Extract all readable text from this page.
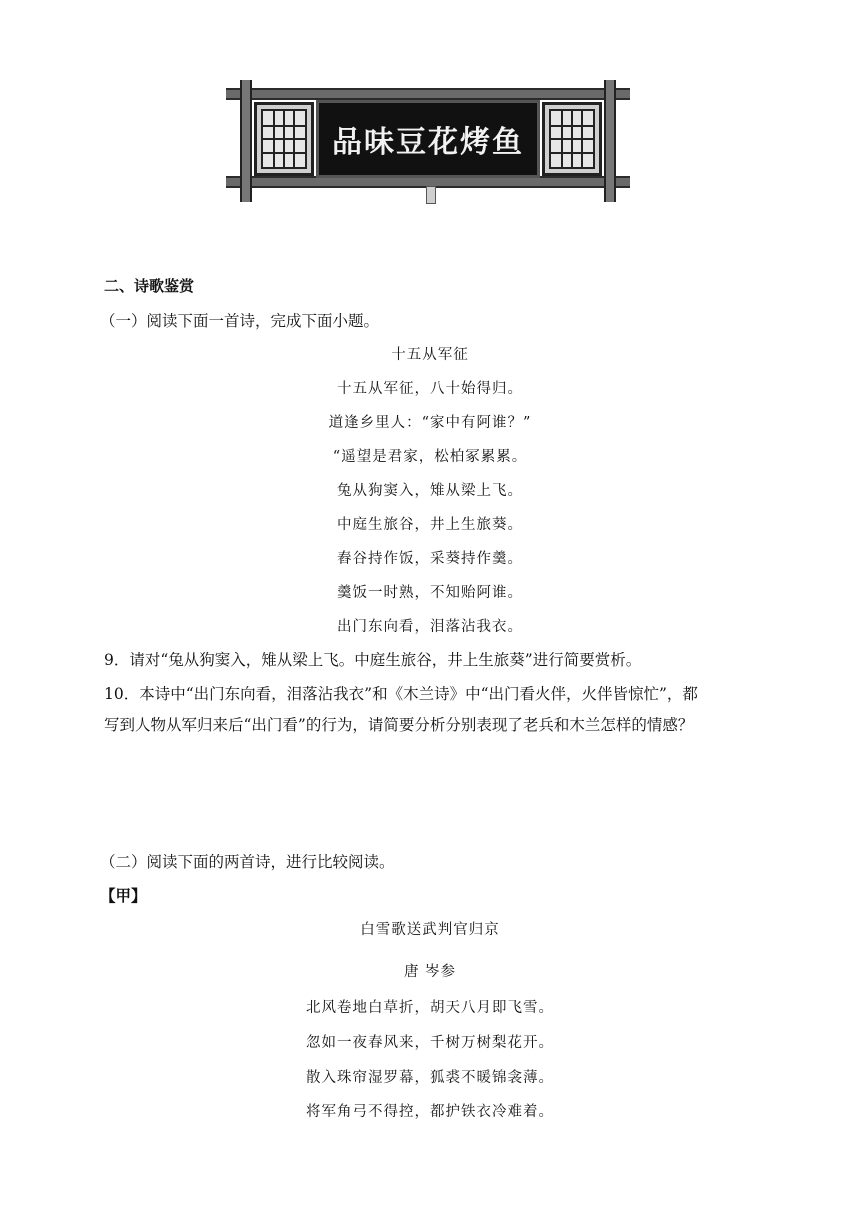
品味豆花烤鱼
二、诗歌鉴赏
（一）阅读下面一首诗，完成下面小题。
十五从军征
十五从军征，八十始得归。
道逢乡里人：“家中有阿谁？”
“遥望是君家，松柏冢累累。
兔从狗窦入，雉从梁上飞。
中庭生旅谷，井上生旅葵。
舂谷持作饭，采葵持作羹。
羹饭一时熟，不知贻阿谁。
出门东向看，泪落沾我衣。
9．请对“兔从狗窦入，雉从梁上飞。中庭生旅谷，井上生旅葵”进行简要赏析。
10．本诗中“出门东向看，泪落沾我衣”和《木兰诗》中“出门看火伴，火伴皆惊忙”，都
写到人物从军归来后“出门看”的行为，请简要分析分别表现了老兵和木兰怎样的情感？
（二）阅读下面的两首诗，进行比较阅读。
【甲】
白雪歌送武判官归京
唐 岑参
北风卷地白草折，胡天八月即飞雪。
忽如一夜春风来，千树万树梨花开。
散入珠帘湿罗幕，狐裘不暖锦衾薄。
将军角弓不得控，都护铁衣冷难着。
